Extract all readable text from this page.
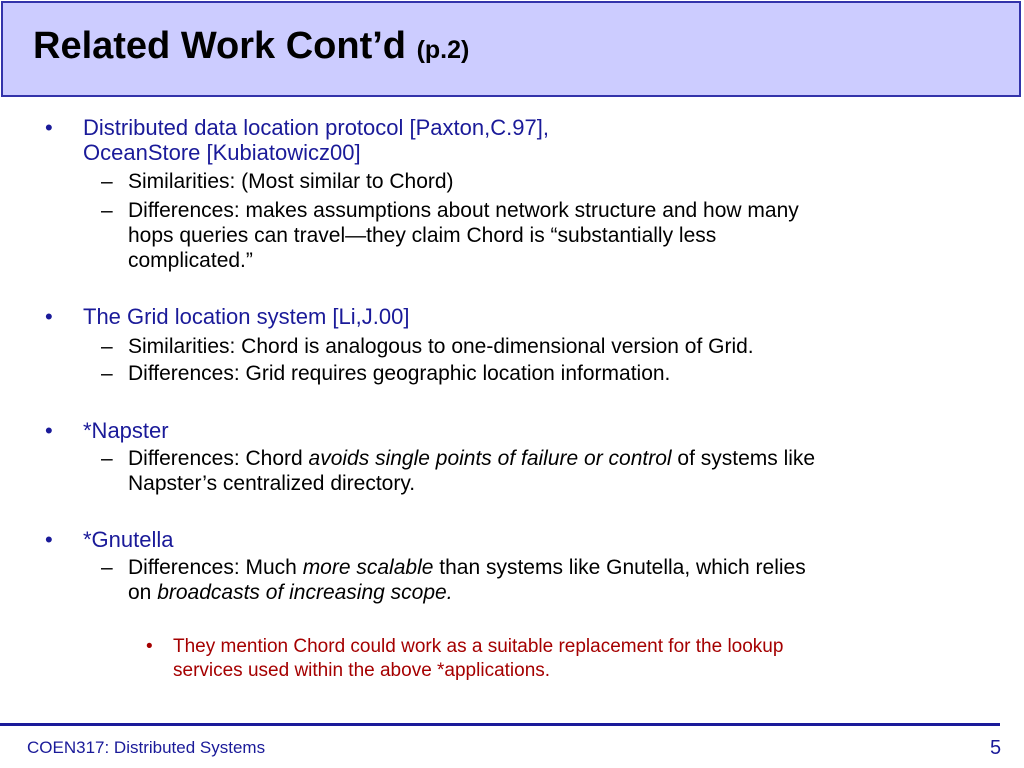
Related Work Cont’d (p.2)
• Distributed data location protocol [Paxton,C.97],
OceanStore [Kubiatowicz00]
– Similarities: (Most similar to Chord)
– Differences: makes assumptions about network structure and how many
hops queries can travel—they claim Chord is “substantially less
complicated.”
• The Grid location system [Li,J.00]
– Similarities: Chord is analogous to one-dimensional version of Grid.
– Differences: Grid requires geographic location information.
• *Napster
– Differences: Chord avoids single points of failure or control of systems like
Napster’s centralized directory.
• *Gnutella
– Differences: Much more scalable than systems like Gnutella, which relies
on broadcasts of increasing scope.
• They mention Chord could work as a suitable replacement for the lookup
services used within the above *applications.
COEN317: Distributed Systems	5
